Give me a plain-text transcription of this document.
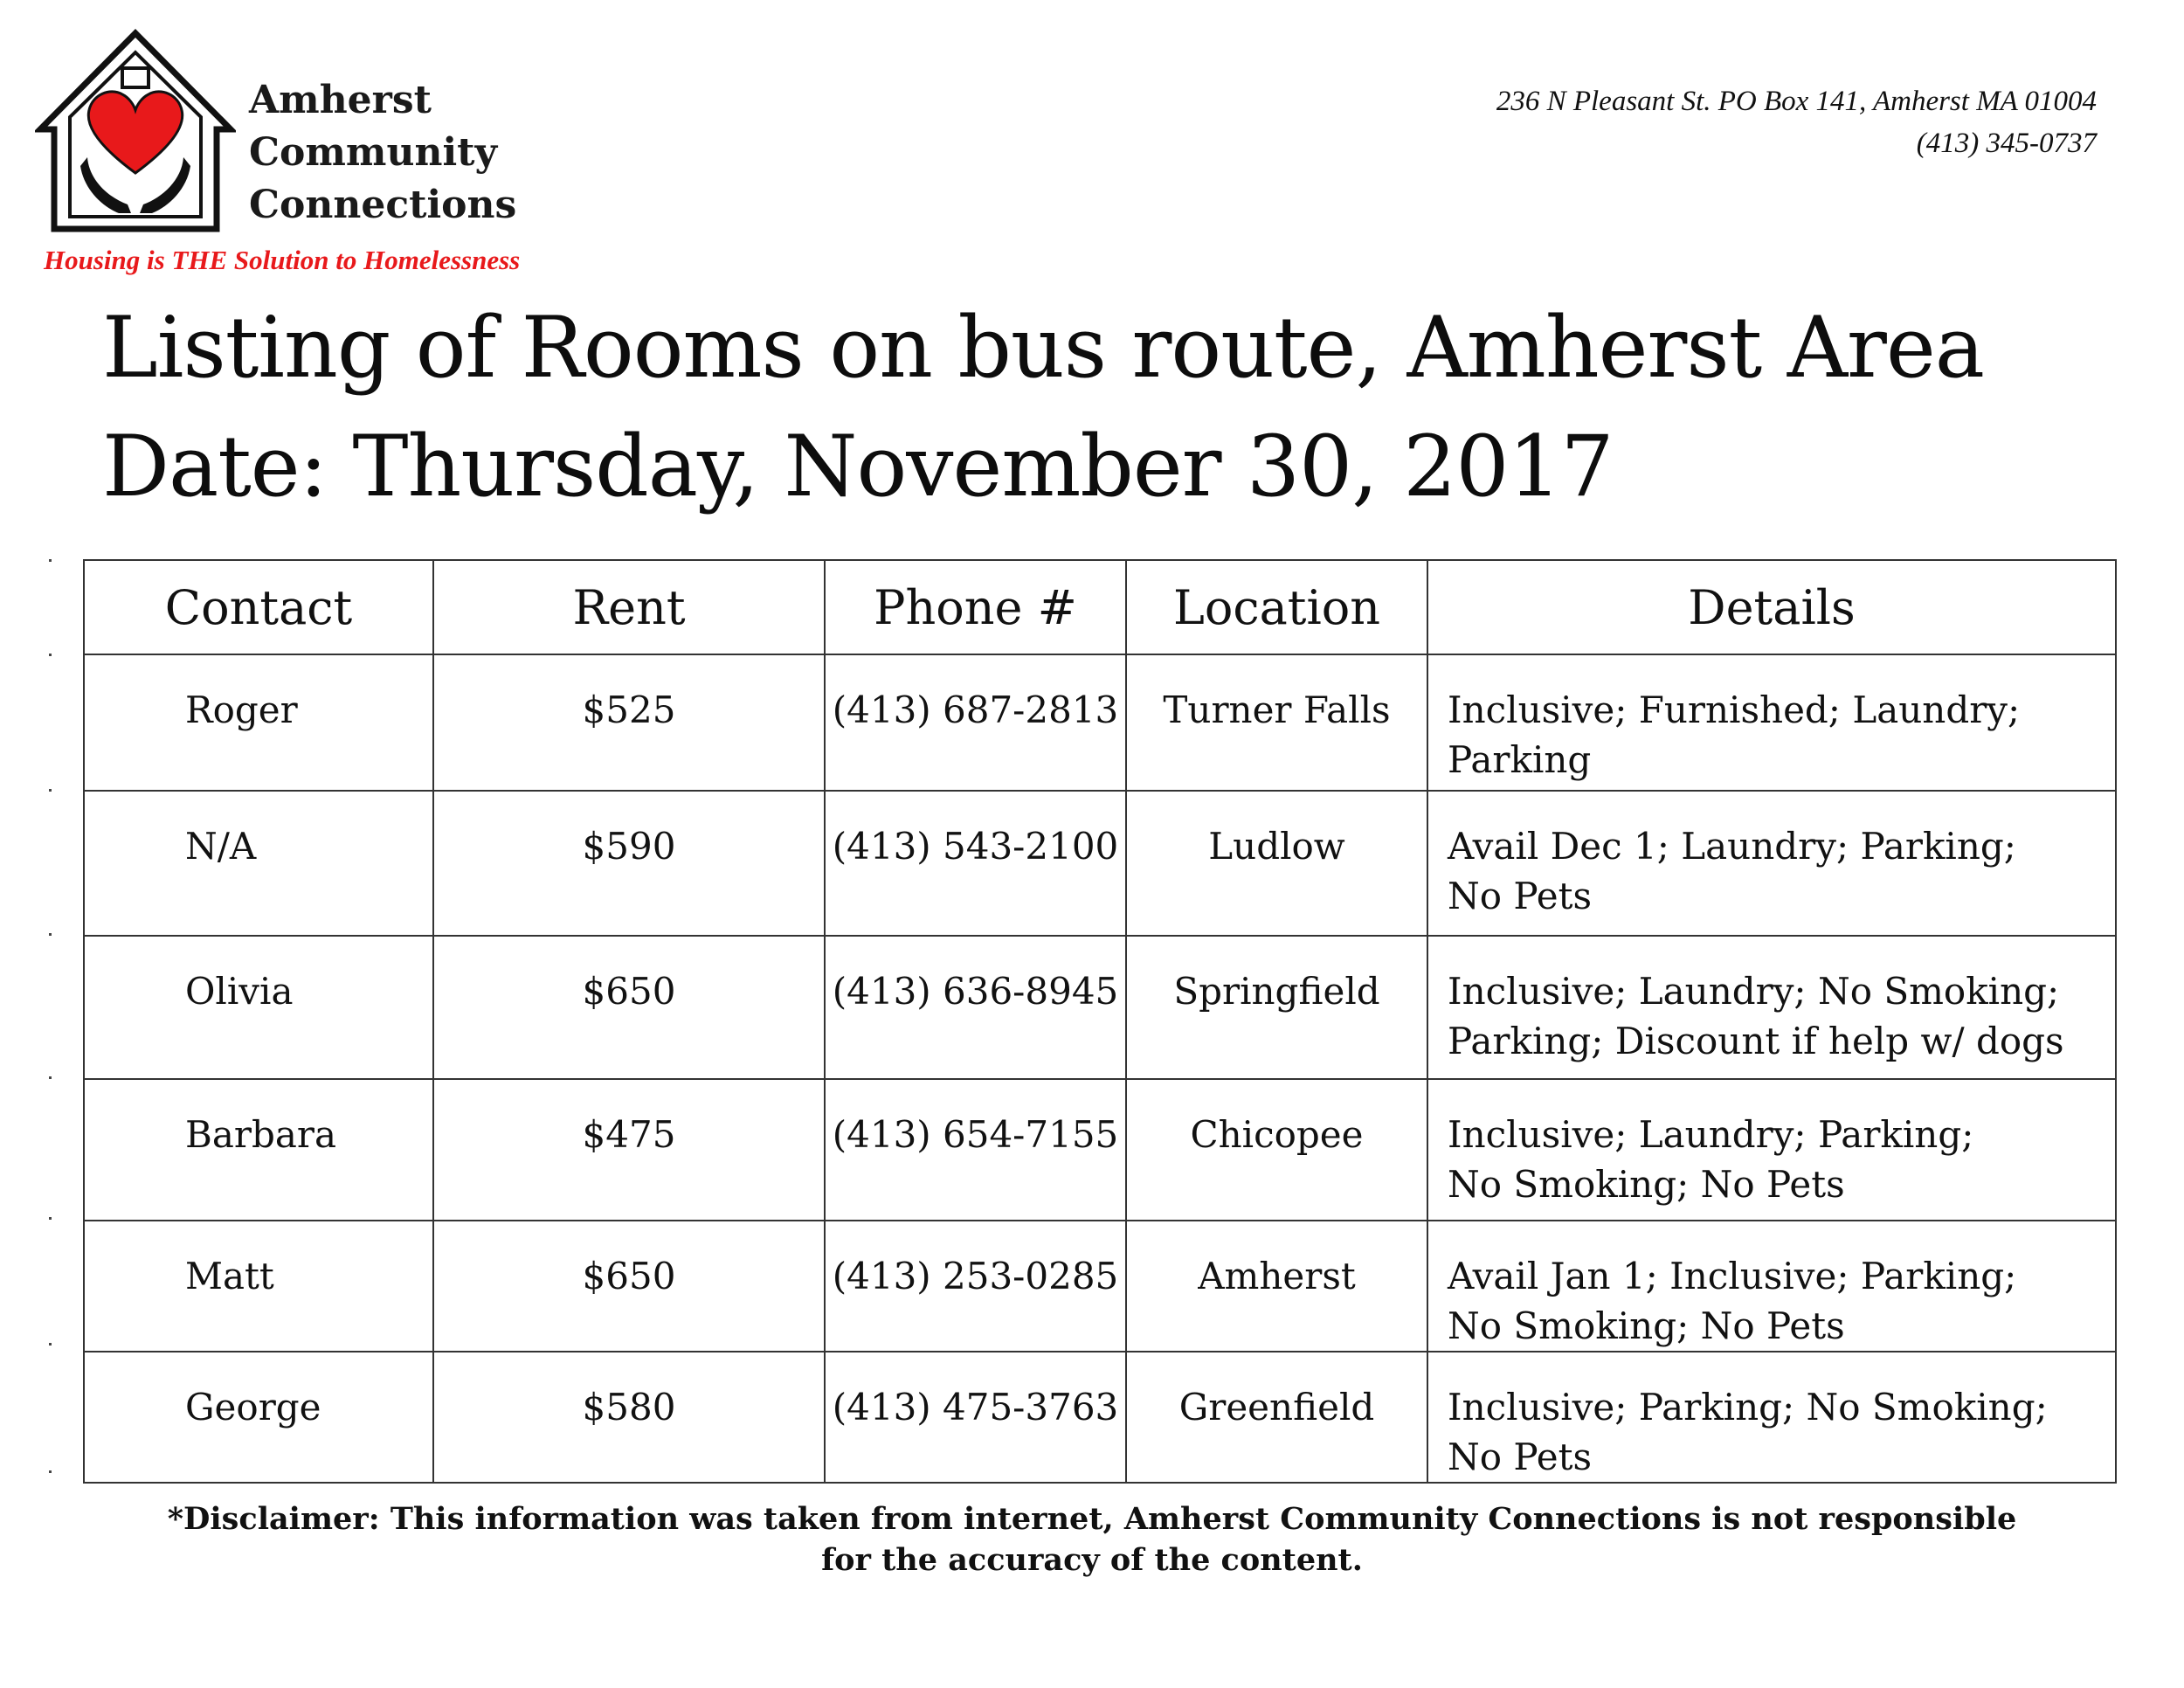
Amherst
Community
Connections
Housing is THE Solution to Homelessness
236 N Pleasant St. PO Box 141, Amherst MA 01004
(413) 345-0737
Listing of Rooms on bus route, Amherst Area
Date: Thursday, November 30, 2017
Contact	Rent	Phone #	Location	Details
Roger	$525	(413) 687-2813	Turner Falls	Inclusive; Furnished; Laundry;
Parking

N/A	$590	(413) 543-2100	Ludlow	Avail Dec 1; Laundry; Parking;
No Pets

Olivia	$650	(413) 636-8945	Springfield	Inclusive; Laundry; No Smoking;
Parking; Discount if help w/ dogs

Barbara	$475	(413) 654-7155	Chicopee	Inclusive; Laundry; Parking;
No Smoking; No Pets

Matt	$650	(413) 253-0285	Amherst	Avail Jan 1; Inclusive; Parking;
No Smoking; No Pets

George	$580	(413) 475-3763	Greenfield	Inclusive; Parking; No Smoking;
No Pets
*Disclaimer: This information was taken from internet, Amherst Community Connections is not responsible
for the accuracy of the content.
